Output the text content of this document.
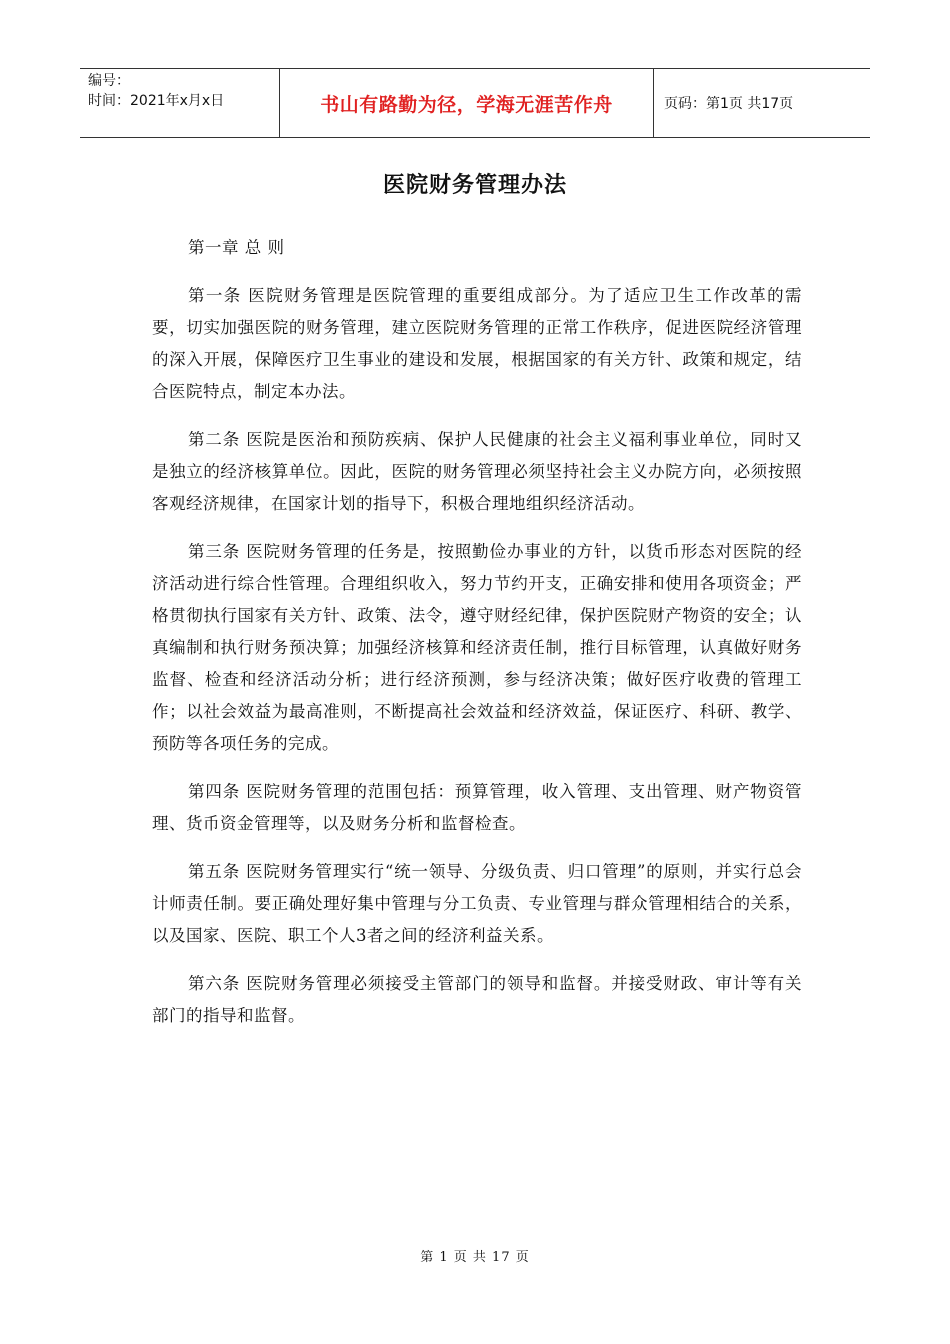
编号：
时间：2021年x月x日	书山有路勤为径，学海无涯苦作舟	页码：第1页 共17页
医院财务管理办法

第一章 总 则

第一条 医院财务管理是医院管理的重要组成部分。为了适应卫生工作改革的需要，切实加强医院的财务管理，建立医院财务管理的正常工作秩序，促进医院经济管理的深入开展，保障医疗卫生事业的建设和发展，根据国家的有关方针、政策和规定，结合医院特点，制定本办法。

第二条 医院是医治和预防疾病、保护人民健康的社会主义福利事业单位，同时又是独立的经济核算单位。因此，医院的财务管理必须坚持社会主义办院方向，必须按照客观经济规律，在国家计划的指导下，积极合理地组织经济活动。

第三条 医院财务管理的任务是，按照勤俭办事业的方针，以货币形态对医院的经济活动进行综合性管理。合理组织收入，努力节约开支，正确安排和使用各项资金；严格贯彻执行国家有关方针、政策、法令，遵守财经纪律，保护医院财产物资的安全；认真编制和执行财务预决算；加强经济核算和经济责任制，推行目标管理，认真做好财务监督、检查和经济活动分析；进行经济预测，参与经济决策；做好医疗收费的管理工作；以社会效益为最高准则，不断提高社会效益和经济效益，保证医疗、科研、教学、预防等各项任务的完成。

第四条 医院财务管理的范围包括：预算管理，收入管理、支出管理、财产物资管理、货币资金管理等，以及财务分析和监督检查。

第五条 医院财务管理实行“统一领导、分级负责、归口管理”的原则，并实行总会计师责任制。要正确处理好集中管理与分工负责、专业管理与群众管理相结合的关系，以及国家、医院、职工个人3者之间的经济利益关系。

第六条 医院财务管理必须接受主管部门的领导和监督。并接受财政、审计等有关部门的指导和监督。

第 1 页 共 17 页
